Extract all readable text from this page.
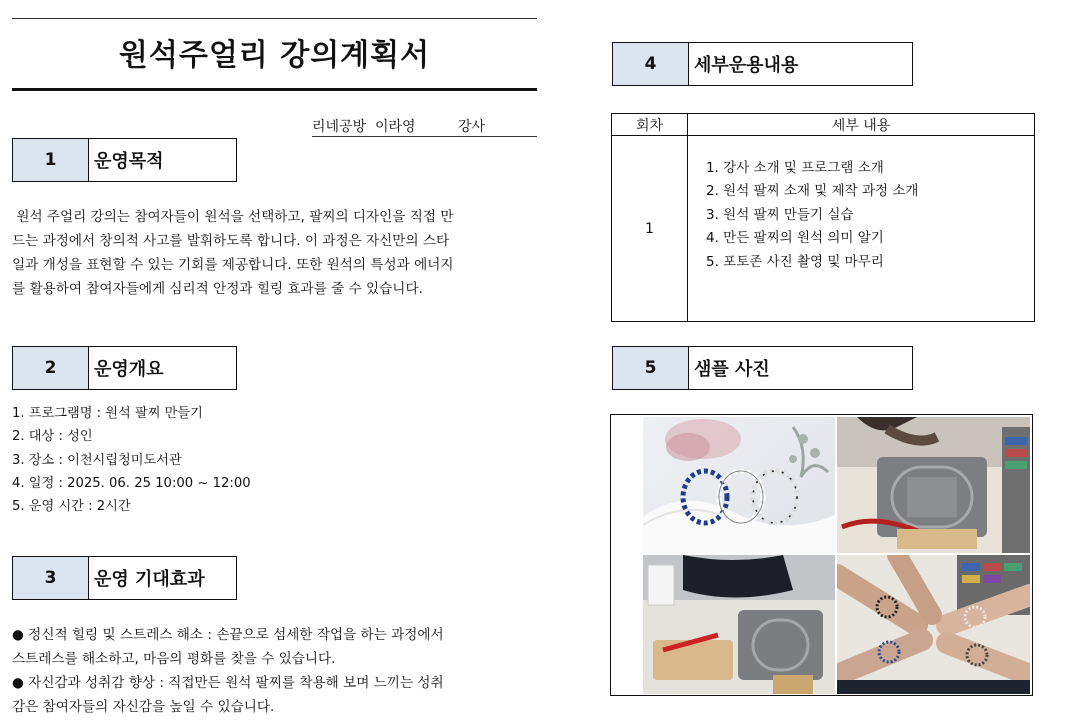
원석주얼리 강의계획서
리네공방  이라영	강사
1	운영목적
원석 주얼리 강의는 참여자들이 원석을 선택하고, 팔찌의 디자인을 직접 만
드는 과정에서 창의적 사고를 발휘하도록 합니다. 이 과정은 자신만의 스타
일과 개성을 표현할 수 있는 기회를 제공합니다. 또한 원석의 특성과 에너지
를 활용하여 참여자들에게 심리적 안정과 힐링 효과를 줄 수 있습니다.
2	운영개요
1. 프로그램명 : 원석 팔찌 만들기
2. 대상 : 성인
3. 장소 : 이천시립청미도서관
4. 일정 : 2025. 06. 25 10:00 ~ 12:00
5. 운영 시간 : 2시간
3	운영 기대효과
● 정신적 힐링 및 스트레스 해소 : 손끝으로 섬세한 작업을 하는 과정에서
스트레스를 해소하고, 마음의 평화를 찾을 수 있습니다.
● 자신감과 성취감 향상 : 직접만든 원석 팔찌를 착용해 보며 느끼는 성취
감은 참여자들의 자신감을 높일 수 있습니다.
4	세부운용내용
회차	세부 내용
1	1. 강사 소개 및 프로그램 소개
2. 원석 팔찌 소재 및 제작 과정 소개
3. 원석 팔찌 만들기 실습
4. 만든 팔찌의 원석 의미 알기
5. 포토존 사진 촬영 및 마무리
5	샘플 사진
